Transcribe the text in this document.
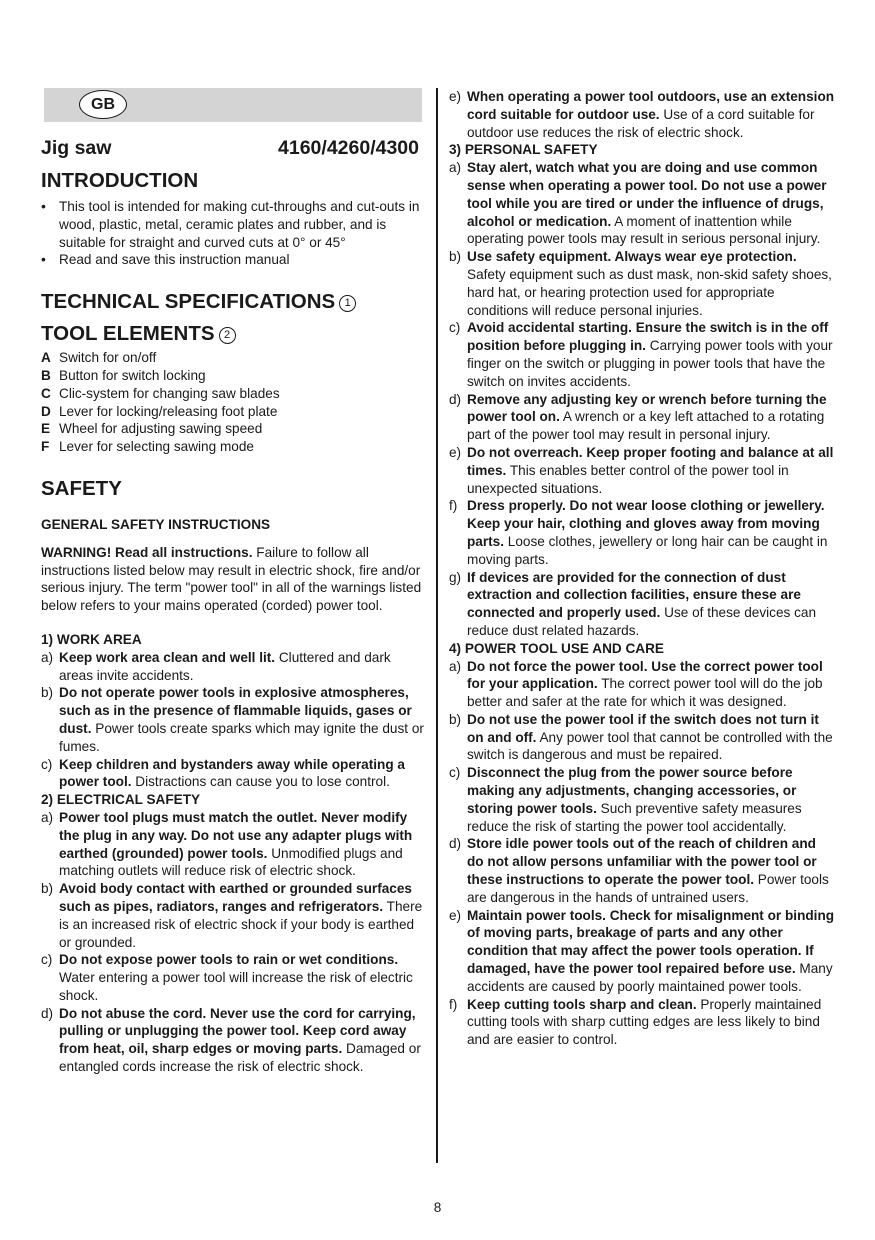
GB
Jig saw	4160/4260/4300
INTRODUCTION
• This tool is intended for making cut-throughs and cut-outs in wood, plastic, metal, ceramic plates and rubber, and is suitable for straight and curved cuts at 0° or 45°
• Read and save this instruction manual
TECHNICAL SPECIFICATIONS 1
TOOL ELEMENTS 2
A Switch for on/off
B Button for switch locking
C Clic-system for changing saw blades
D Lever for locking/releasing foot plate
E Wheel for adjusting sawing speed
F Lever for selecting sawing mode
SAFETY
GENERAL SAFETY INSTRUCTIONS

WARNING! Read all instructions. Failure to follow all instructions listed below may result in electric shock, fire and/or serious injury. The term "power tool" in all of the warnings listed below refers to your mains operated (corded) power tool.

1) WORK AREA
a) Keep work area clean and well lit. Cluttered and dark areas invite accidents.
b) Do not operate power tools in explosive atmospheres, such as in the presence of flammable liquids, gases or dust. Power tools create sparks which may ignite the dust or fumes.
c) Keep children and bystanders away while operating a power tool. Distractions can cause you to lose control.
2) ELECTRICAL SAFETY
a) Power tool plugs must match the outlet. Never modify the plug in any way. Do not use any adapter plugs with earthed (grounded) power tools. Unmodified plugs and matching outlets will reduce risk of electric shock.
b) Avoid body contact with earthed or grounded surfaces such as pipes, radiators, ranges and refrigerators. There is an increased risk of electric shock if your body is earthed or grounded.
c) Do not expose power tools to rain or wet conditions. Water entering a power tool will increase the risk of electric shock.
d) Do not abuse the cord. Never use the cord for carrying, pulling or unplugging the power tool. Keep cord away from heat, oil, sharp edges or moving parts. Damaged or entangled cords increase the risk of electric shock.
e) When operating a power tool outdoors, use an extension cord suitable for outdoor use. Use of a cord suitable for outdoor use reduces the risk of electric shock.
3) PERSONAL SAFETY
a) Stay alert, watch what you are doing and use common sense when operating a power tool. Do not use a power tool while you are tired or under the influence of drugs, alcohol or medication. A moment of inattention while operating power tools may result in serious personal injury.
b) Use safety equipment. Always wear eye protection. Safety equipment such as dust mask, non-skid safety shoes, hard hat, or hearing protection used for appropriate conditions will reduce personal injuries.
c) Avoid accidental starting. Ensure the switch is in the off position before plugging in. Carrying power tools with your finger on the switch or plugging in power tools that have the switch on invites accidents.
d) Remove any adjusting key or wrench before turning the power tool on. A wrench or a key left attached to a rotating part of the power tool may result in personal injury.
e) Do not overreach. Keep proper footing and balance at all times. This enables better control of the power tool in unexpected situations.
f) Dress properly. Do not wear loose clothing or jewellery. Keep your hair, clothing and gloves away from moving parts. Loose clothes, jewellery or long hair can be caught in moving parts.
g) If devices are provided for the connection of dust extraction and collection facilities, ensure these are connected and properly used. Use of these devices can reduce dust related hazards.
4) POWER TOOL USE AND CARE
a) Do not force the power tool. Use the correct power tool for your application. The correct power tool will do the job better and safer at the rate for which it was designed.
b) Do not use the power tool if the switch does not turn it on and off. Any power tool that cannot be controlled with the switch is dangerous and must be repaired.
c) Disconnect the plug from the power source before making any adjustments, changing accessories, or storing power tools. Such preventive safety measures reduce the risk of starting the power tool accidentally.
d) Store idle power tools out of the reach of children and do not allow persons unfamiliar with the power tool or these instructions to operate the power tool. Power tools are dangerous in the hands of untrained users.
e) Maintain power tools. Check for misalignment or binding of moving parts, breakage of parts and any other condition that may affect the power tools operation. If damaged, have the power tool repaired before use. Many accidents are caused by poorly maintained power tools.
f) Keep cutting tools sharp and clean. Properly maintained cutting tools with sharp cutting edges are less likely to bind and are easier to control.
8
